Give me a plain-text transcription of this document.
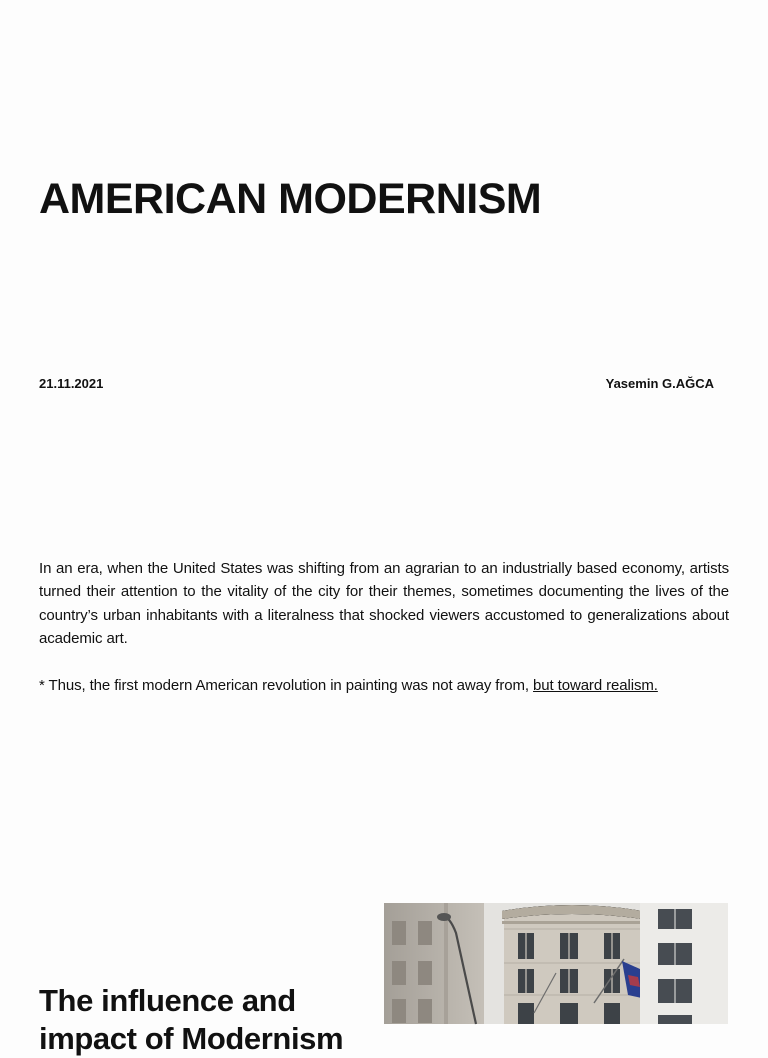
AMERICAN MODERNISM
21.11.2021	Yasemin G.AĞCA

In an era, when the United States was shifting from an agrarian to an industrially based economy, artists turned their attention to the vitality of the city for their themes, sometimes documenting the lives of the country’s urban inhabitants with a literalness that shocked viewers accustomed to generalizations about academic art.

* Thus, the first modern American revolution in painting was not away from, but toward realism.

The influence and impact of Modernism
